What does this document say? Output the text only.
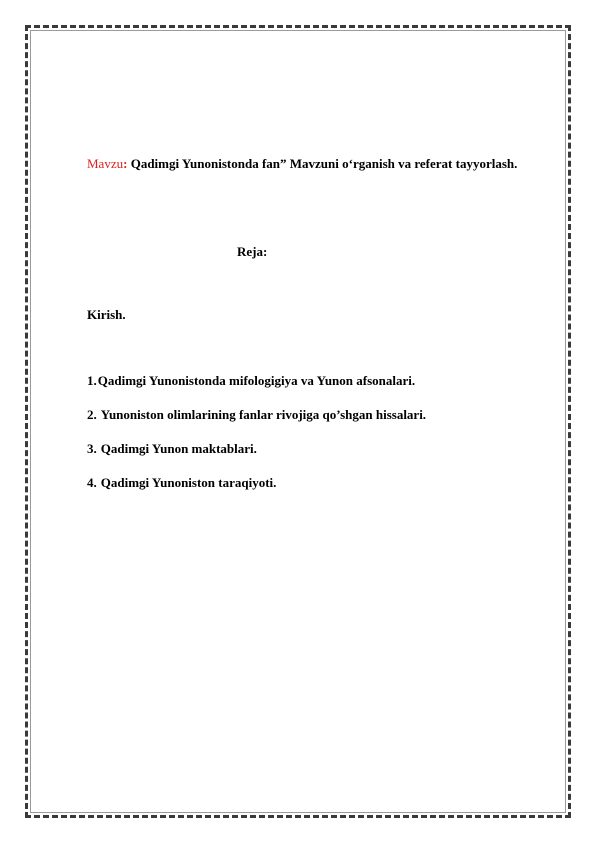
Mavzu: Qadimgi Yunonistonda fan” Mavzuni o‘rganish va referat tayyorlash.

Reja:

Kirish.

1.Qadimgi Yunonistonda mifologigiya va Yunon afsonalari.
2. Yunoniston olimlarining fanlar rivojiga qo’shgan hissalari.
3. Qadimgi Yunon maktablari.
4. Qadimgi Yunoniston taraqiyoti.
